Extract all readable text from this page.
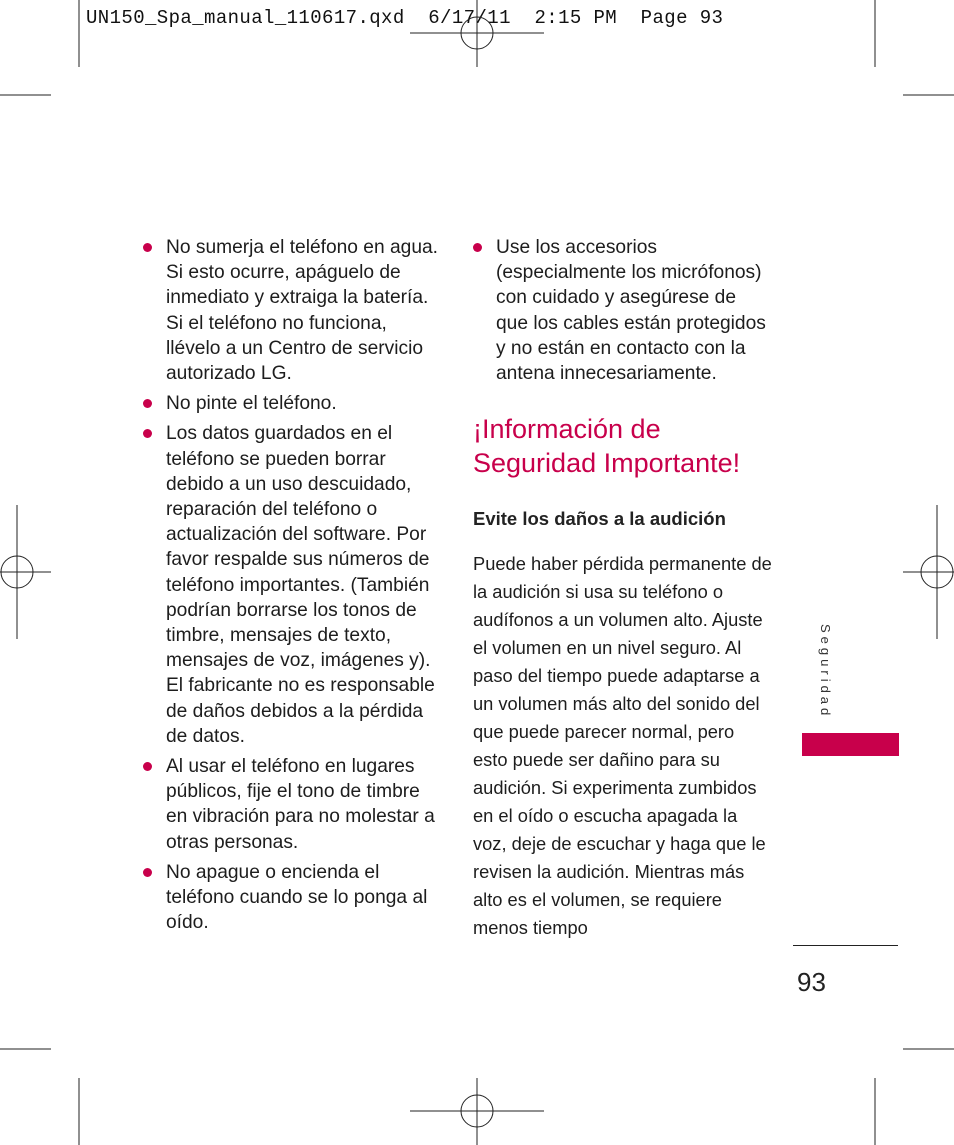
UN150_Spa_manual_110617.qxd  6/17/11  2:15 PM  Page 93
No sumerja el teléfono en agua. Si esto ocurre, apáguelo de inmediato y extraiga la batería. Si el teléfono no funciona, llévelo a un Centro de servicio autorizado LG.
No pinte el teléfono.
Los datos guardados en el teléfono se pueden borrar debido a un uso descuidado, reparación del teléfono o actualización del software. Por favor respalde sus números de teléfono importantes. (También podrían borrarse los tonos de timbre, mensajes de texto, mensajes de voz, imágenes y). El fabricante no es responsable de daños debidos a la pérdida de datos.
Al usar el teléfono en lugares públicos, fije el tono de timbre en vibración para no molestar a otras personas.
No apague o encienda el teléfono cuando se lo ponga al oído.
Use los accesorios (especialmente los micrófonos) con cuidado y asegúrese de que los cables están protegidos y no están en contacto con la antena innecesariamente.
¡Información de Seguridad Importante!
Evite los daños a la audición

Puede haber pérdida permanente de la audición si usa su teléfono o audífonos a un volumen alto. Ajuste el volumen en un nivel seguro. Al paso del tiempo puede adaptarse a un volumen más alto del sonido del que puede parecer normal, pero esto puede ser dañino para su audición. Si experimenta zumbidos en el oído o escucha apagada la voz, deje de escuchar y haga que le revisen la audición. Mientras más alto es el volumen, se requiere menos tiempo

Seguridad
93
